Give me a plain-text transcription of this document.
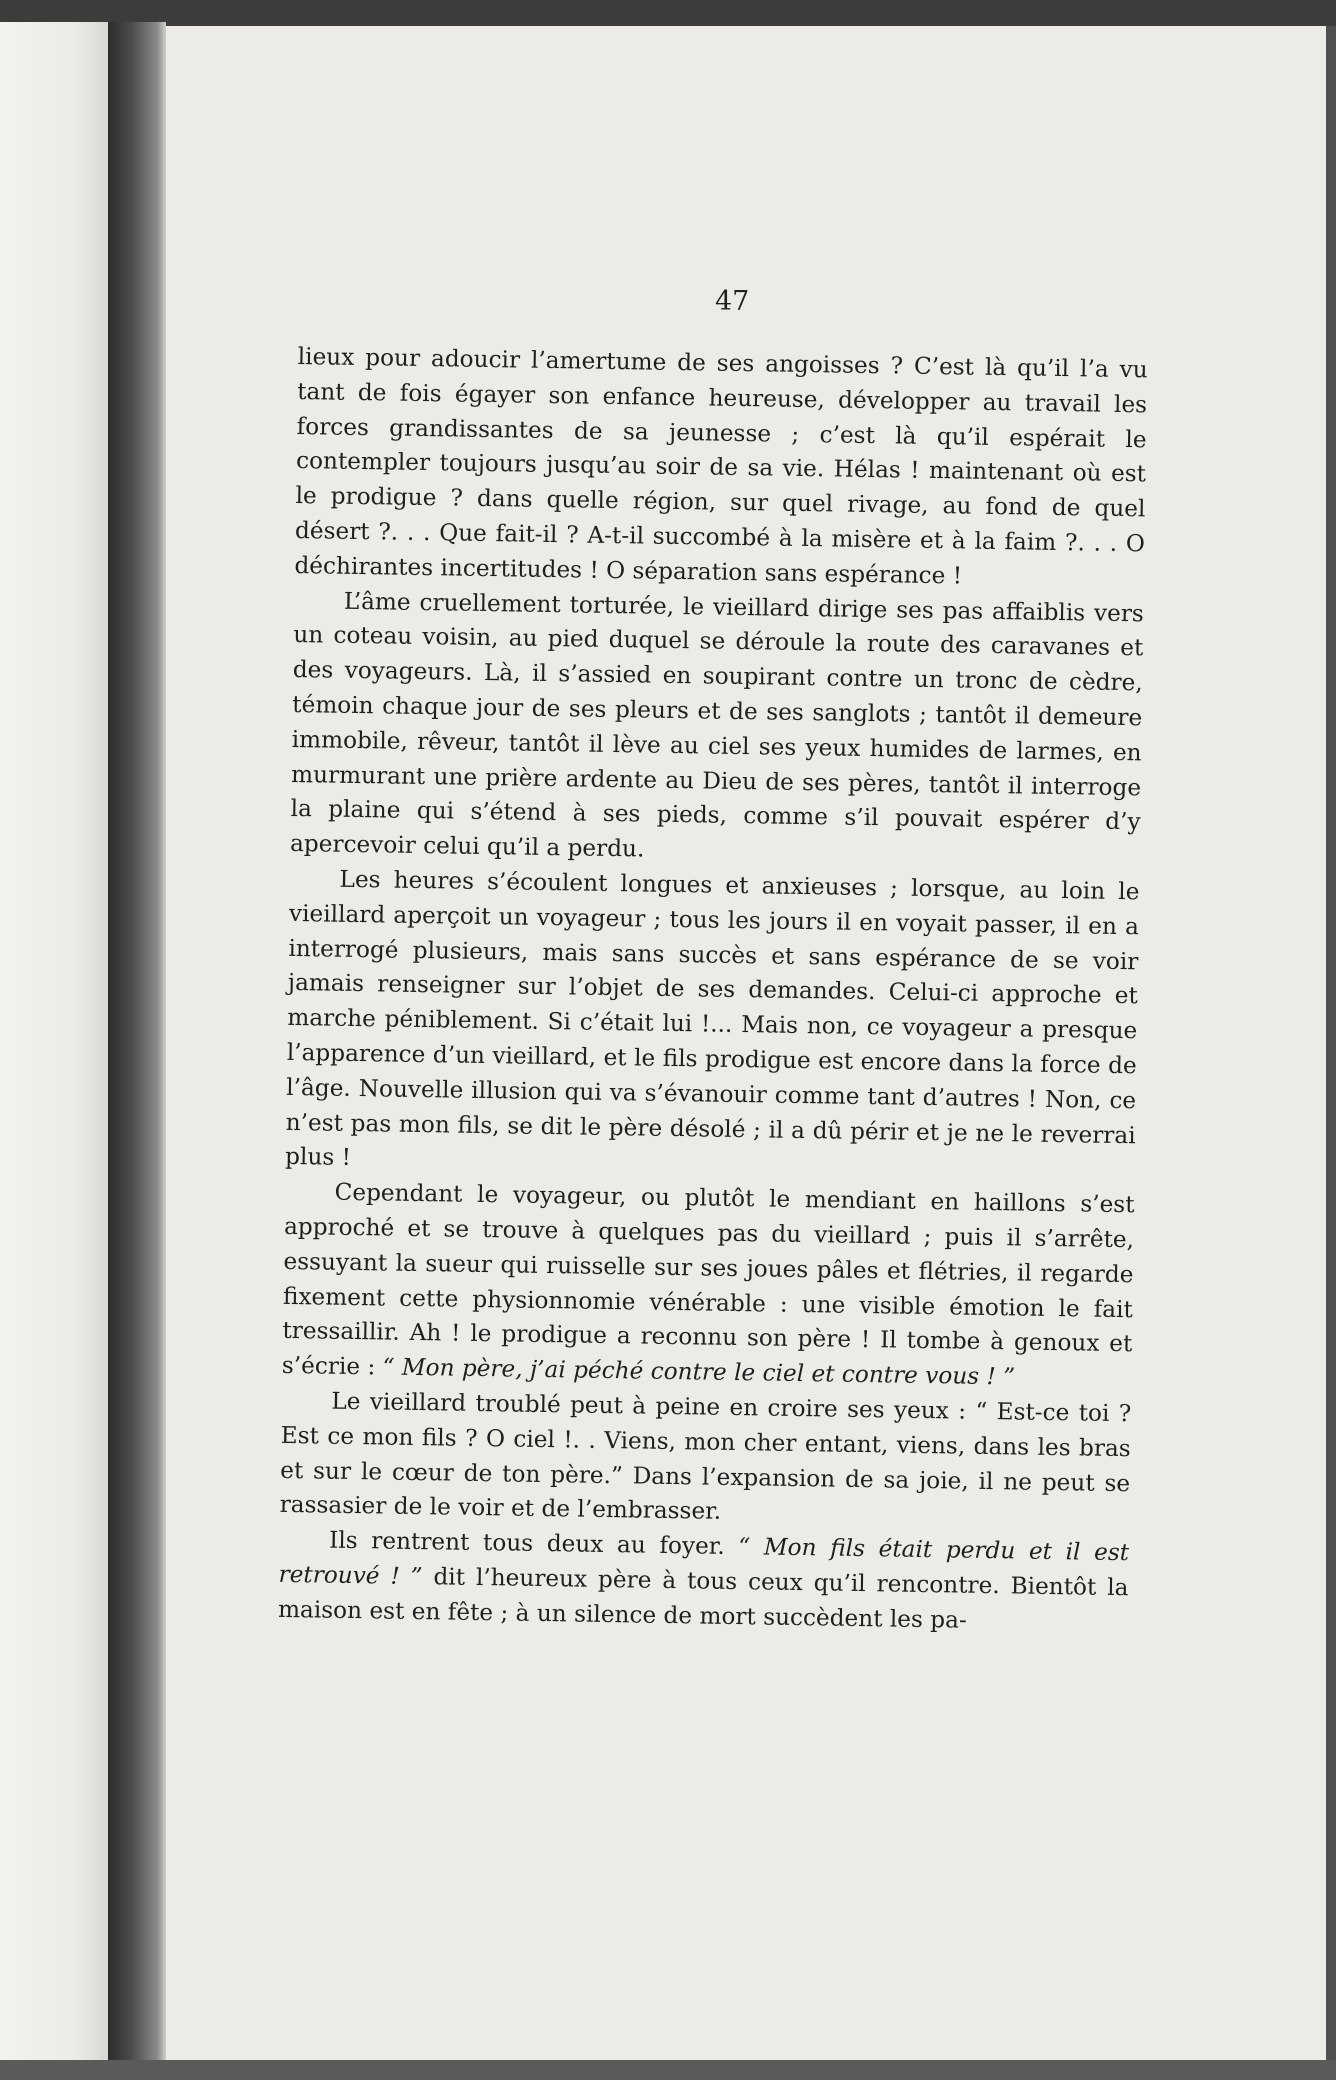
47

lieux pour adoucir l’amertume de ses angoisses ? C’est là qu’il l’a vu tant de fois égayer son enfance heureuse, développer au travail les forces grandissantes de sa jeunesse ; c’est là qu’il espérait le contempler toujours jusqu’au soir de sa vie. Hélas ! maintenant où est le prodigue ? dans quelle région, sur quel rivage, au fond de quel désert ?. . . Que fait-il ? A-t-il succombé à la misère et à la faim ?. . . O déchirantes incertitudes ! O séparation sans espérance !

L’âme cruellement torturée, le vieillard dirige ses pas affaiblis vers un coteau voisin, au pied duquel se déroule la route des caravanes et des voyageurs. Là, il s’assied en soupirant contre un tronc de cèdre, témoin chaque jour de ses pleurs et de ses sanglots ; tantôt il demeure immobile, rêveur, tantôt il lève au ciel ses yeux humides de larmes, en murmurant une prière ardente au Dieu de ses pères, tantôt il interroge la plaine qui s’étend à ses pieds, comme s’il pouvait espérer d’y apercevoir celui qu’il a perdu.

Les heures s’écoulent longues et anxieuses ; lorsque, au loin le vieillard aperçoit un voyageur ; tous les jours il en voyait passer, il en a interrogé plusieurs, mais sans succès et sans espérance de se voir jamais renseigner sur l’objet de ses demandes. Celui-ci approche et marche péniblement. Si c’était lui !... Mais non, ce voyageur a presque l’apparence d’un vieillard, et le fils prodigue est encore dans la force de l’âge. Nouvelle illusion qui va s’évanouir comme tant d’autres ! Non, ce n’est pas mon fils, se dit le père désolé ; il a dû périr et je ne le reverrai plus !

Cependant le voyageur, ou plutôt le mendiant en haillons s’est approché et se trouve à quelques pas du vieillard ; puis il s’arrête, essuyant la sueur qui ruisselle sur ses joues pâles et flétries, il regarde fixement cette physionnomie vénérable : une visible émotion le fait tressaillir. Ah ! le prodigue a reconnu son père ! Il tombe à genoux et s’écrie : “ Mon père, j’ai péché contre le ciel et contre vous ! ”

Le vieillard troublé peut à peine en croire ses yeux : “ Est-ce toi ? Est ce mon fils ? O ciel !. . Viens, mon cher entant, viens, dans les bras et sur le cœur de ton père.” Dans l’expansion de sa joie, il ne peut se rassasier de le voir et de l’embrasser.

Ils rentrent tous deux au foyer. “ Mon fils était perdu et il est retrouvé ! ” dit l’heureux père à tous ceux qu’il rencontre. Bientôt la maison est en fête ; à un silence de mort succèdent les pa-
